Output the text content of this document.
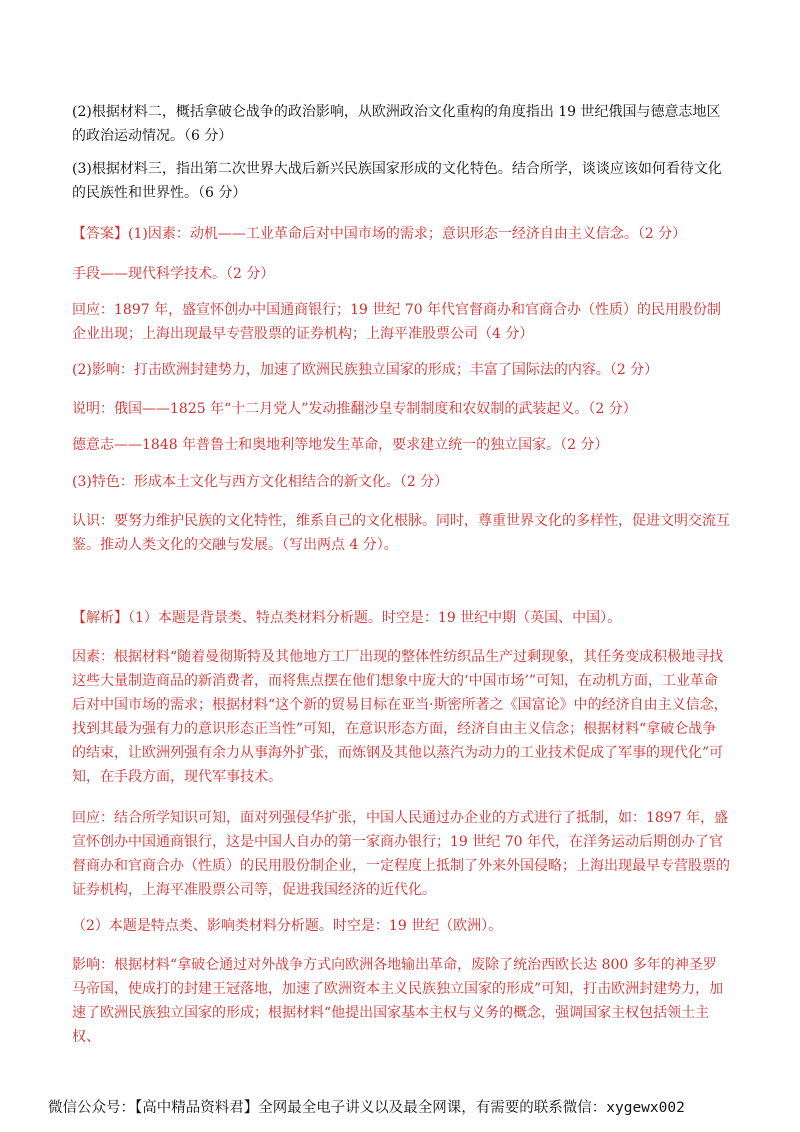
(2)根据材料二，概括拿破仑战争的政治影响，从欧洲政治文化重构的角度指出 19 世纪俄国与德意志地区的政治运动情况。（6 分）

(3)根据材料三，指出第二次世界大战后新兴民族国家形成的文化特色。结合所学，谈谈应该如何看待文化的民族性和世界性。（6 分）

【答案】(1)因素：动机——工业革命后对中国市场的需求；意识形态一经济自由主义信念。（2 分）

手段——现代科学技术。（2 分）

回应：1897 年，盛宣怀创办中国通商银行；19 世纪 70 年代官督商办和官商合办（性质）的民用股份制企业出现；上海出现最早专营股票的证券机构；上海平准股票公司（4 分）

(2)影响：打击欧洲封建势力，加速了欧洲民族独立国家的形成；丰富了国际法的内容。（2 分）

说明：俄国——1825 年“十二月党人”发动推翻沙皇专制制度和农奴制的武装起义。（2 分）

德意志——1848 年普鲁士和奥地利等地发生革命，要求建立统一的独立国家。（2 分）

(3)特色：形成本土文化与西方文化相结合的新文化。（2 分）

认识：要努力维护民族的文化特性，维系自己的文化根脉。同时，尊重世界文化的多样性，促进文明交流互鉴。推动人类文化的交融与发展。（写出两点 4 分）。

【解析】（1）本题是背景类、特点类材料分析题。时空是：19 世纪中期（英国、中国）。

因素：根据材料“随着曼彻斯特及其他地方工厂出现的整体性纺织品生产过剩现象，其任务变成积极地寻找这些大量制造商品的新消费者，而将焦点摆在他们想象中庞大的‘中国市场’”可知，在动机方面，工业革命后对中国市场的需求；根据材料“这个新的贸易目标在亚当·斯密所著之《国富论》中的经济自由主义信念，找到其最为强有力的意识形态正当性”可知，在意识形态方面，经济自由主义信念；根据材料“拿破仑战争的结束，让欧洲列强有余力从事海外扩张，而炼钢及其他以蒸汽为动力的工业技术促成了军事的现代化”可知，在手段方面，现代军事技术。

回应：结合所学知识可知，面对列强侵华扩张，中国人民通过办企业的方式进行了抵制，如：1897 年，盛宣怀创办中国通商银行，这是中国人自办的第一家商办银行；19 世纪 70 年代，在洋务运动后期创办了官督商办和官商合办（性质）的民用股份制企业，一定程度上抵制了外来外国侵略；上海出现最早专营股票的证券机构，上海平准股票公司等，促进我国经济的近代化。

（2）本题是特点类、影响类材料分析题。时空是：19 世纪（欧洲）。

影响：根据材料“拿破仑通过对外战争方式向欧洲各地输出革命，废除了统治西欧长达 800 多年的神圣罗马帝国，使成打的封建王冠落地，加速了欧洲资本主义民族独立国家的形成”可知，打击欧洲封建势力，加速了欧洲民族独立国家的形成；根据材料“他提出国家基本主权与义务的概念，强调国家主权包括领土主权、

微信公众号：【高中精品资料君】全网最全电子讲义以及最全网课，有需要的联系微信：xygewx002
